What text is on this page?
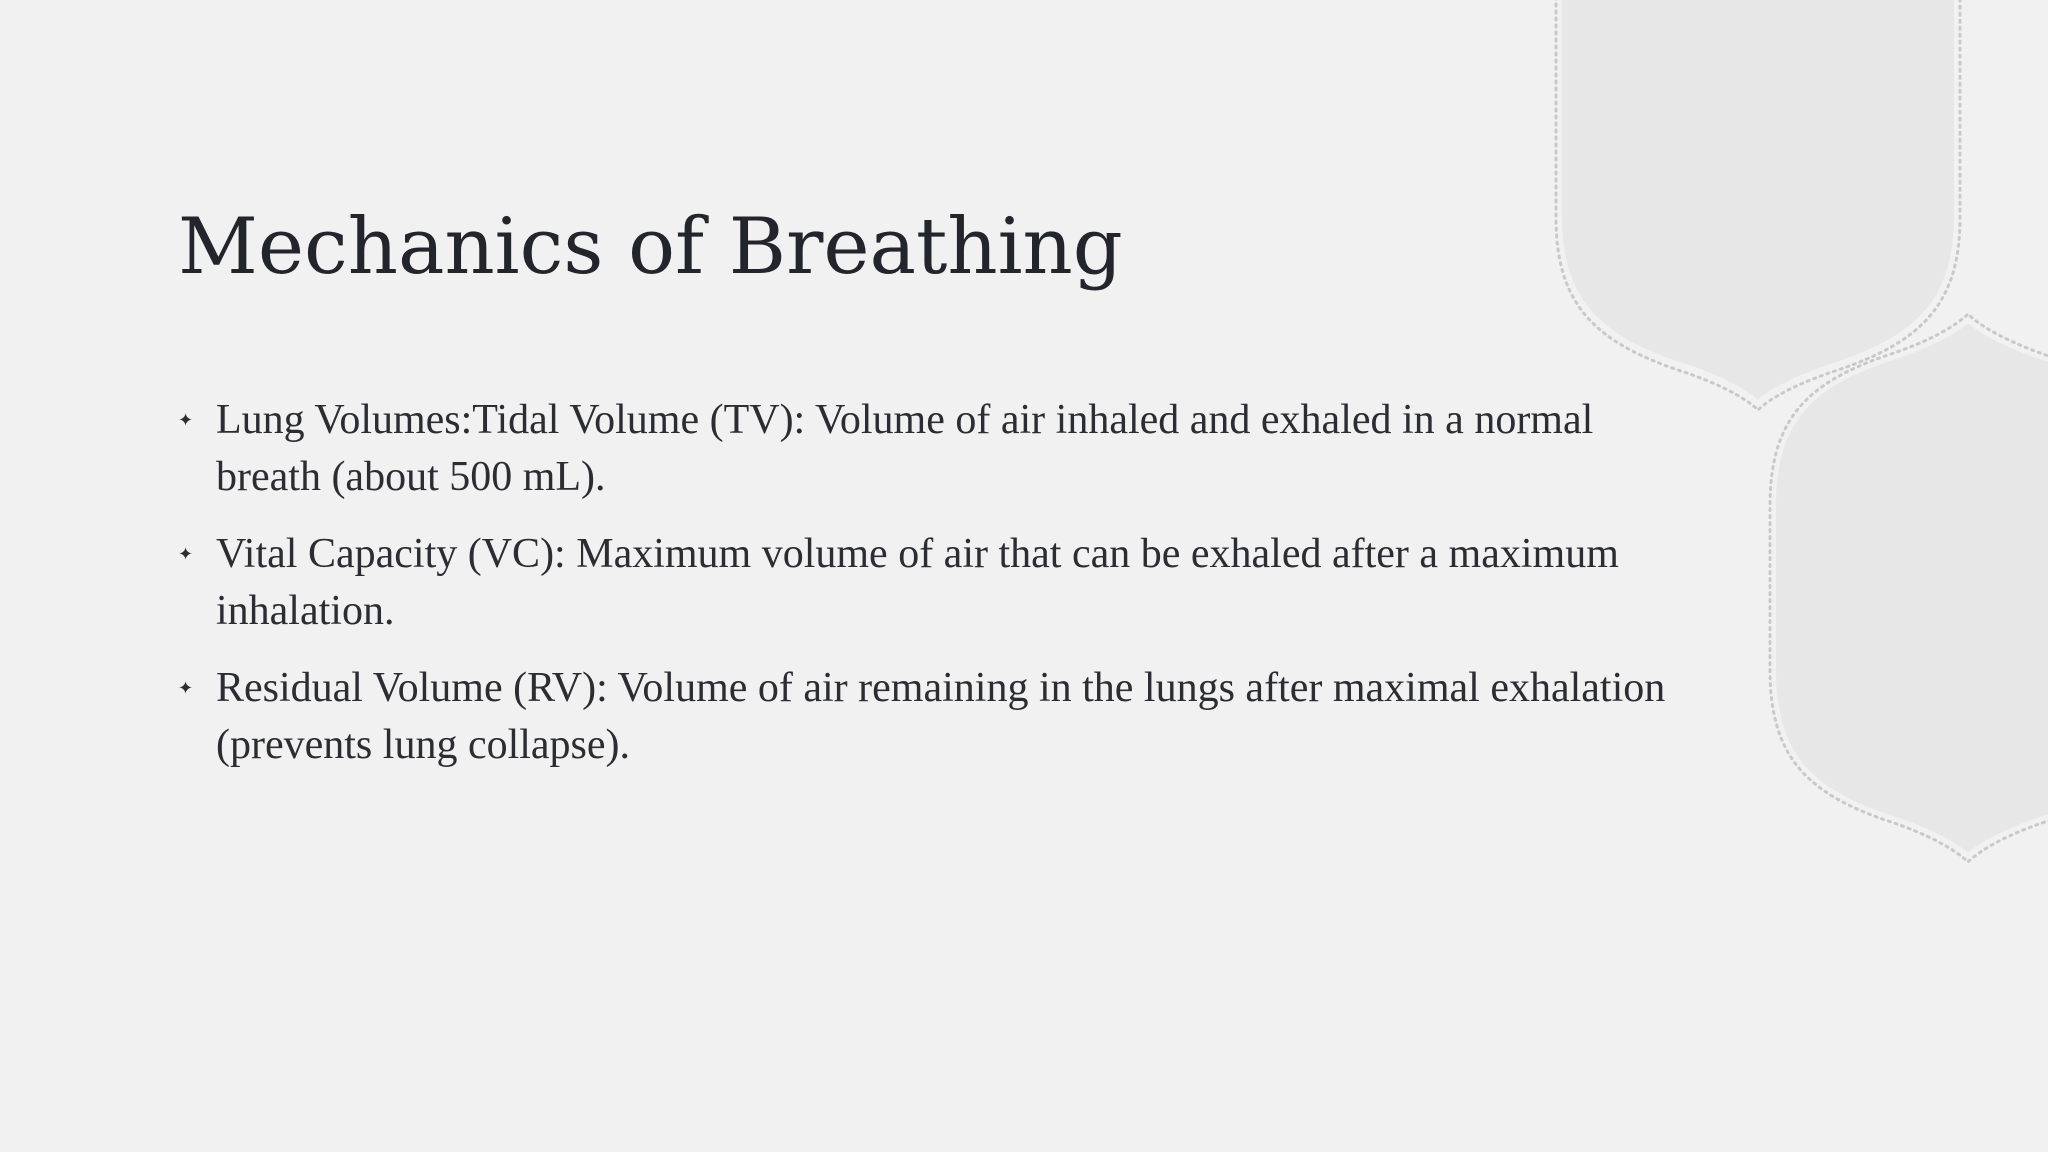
Mechanics of Breathing
✦ Lung Volumes:Tidal Volume (TV): Volume of air inhaled and exhaled in a normal breath (about 500 mL).
✦ Vital Capacity (VC): Maximum volume of air that can be exhaled after a maximum inhalation.
✦ Residual Volume (RV): Volume of air remaining in the lungs after maximal exhalation (prevents lung collapse).
